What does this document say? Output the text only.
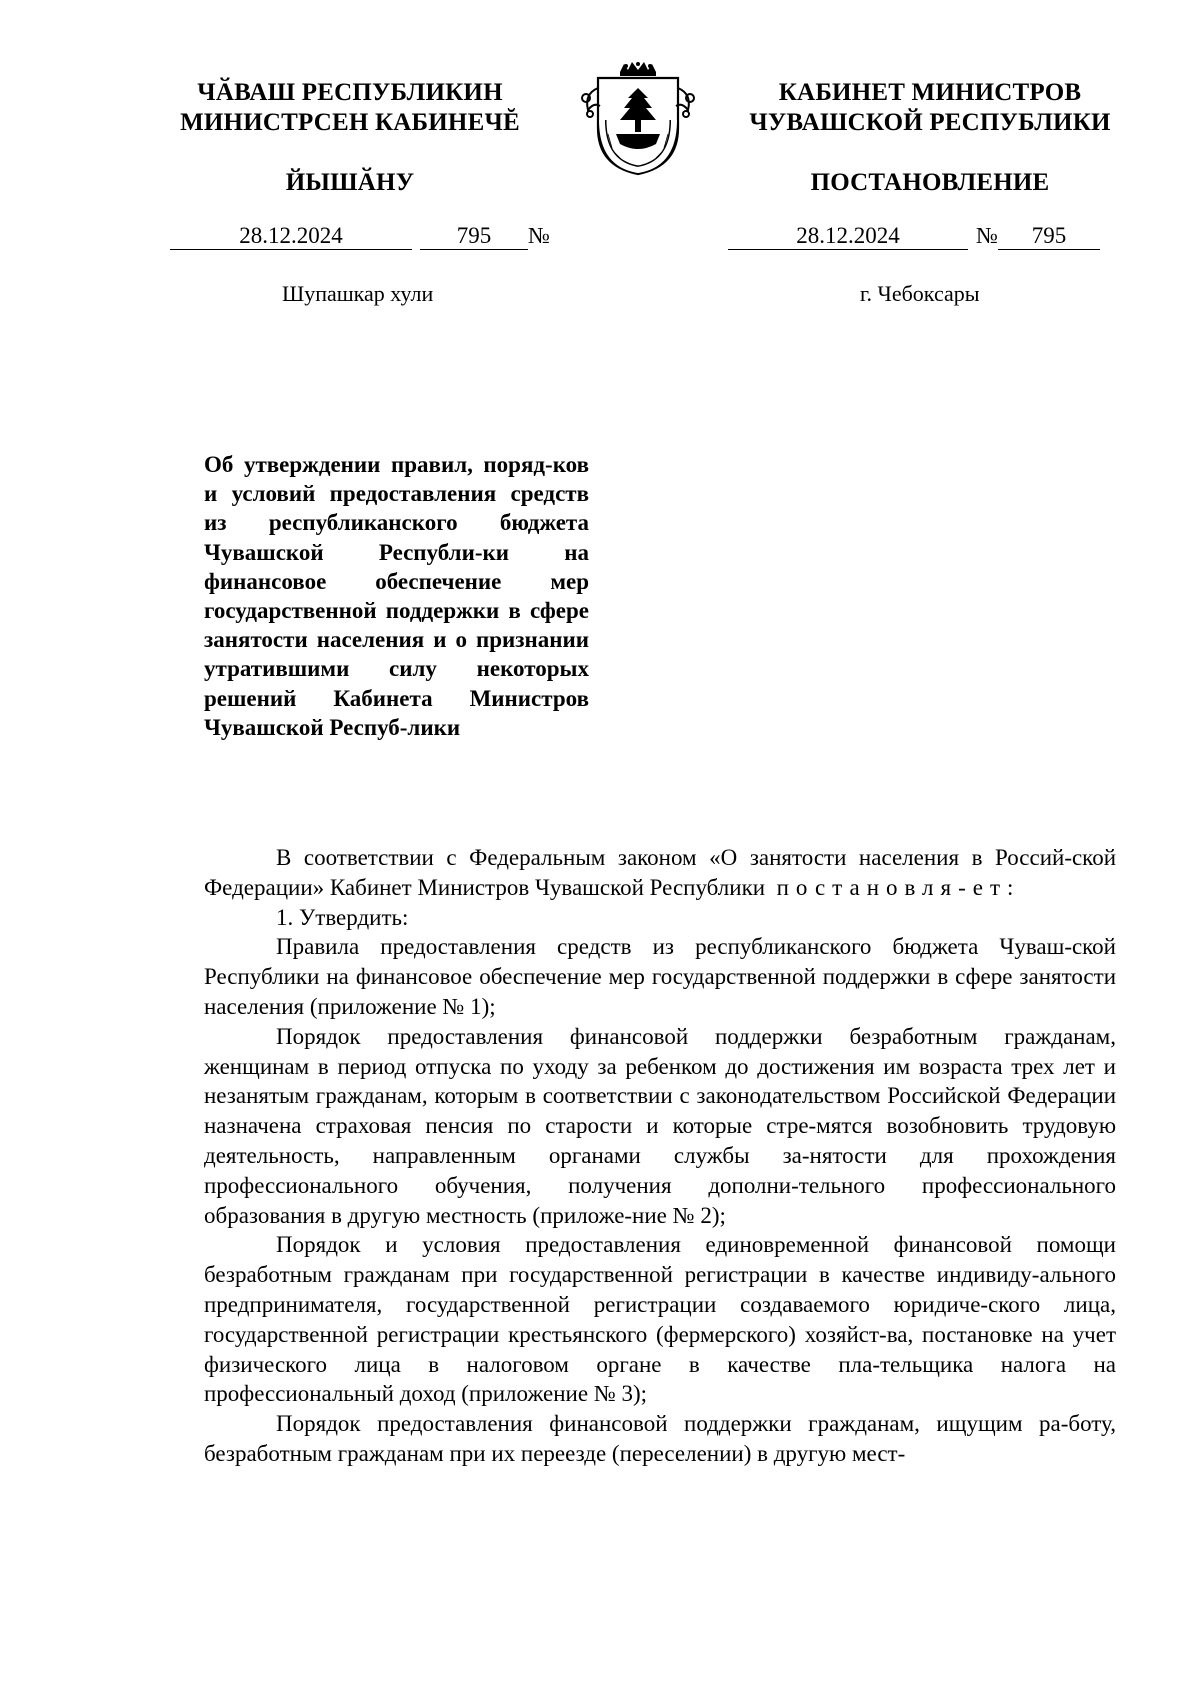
ЧӐВАШ РЕСПУБЛИКИН
МИНИСТРСЕН КАБИНЕЧĔ
ЙЫШӐНУ
КАБИНЕТ МИНИСТРОВ
ЧУВАШСКОЙ РЕСПУБЛИКИ
ПОСТАНОВЛЕНИЕ
28.12.2024	795 №	28.12.2024	№ 795
Шупашкар хули	г. Чебоксары
Об утверждении правил, поряд-ков и условий предоставления средств из республиканского бюджета Чувашской Республи-ки на финансовое обеспечение мер государственной поддержки в сфере занятости населения и о признании утратившими силу некоторых решений Кабинета Министров Чувашской Респуб-лики

В соответствии с Федеральным законом «О занятости населения в Россий-ской Федерации» Кабинет Министров Чувашской Республики постановля-ет:

1. Утвердить:

Правила предоставления средств из республиканского бюджета Чуваш-ской Республики на финансовое обеспечение мер государственной поддержки в сфере занятости населения (приложение № 1);

Порядок предоставления финансовой поддержки безработным гражданам, женщинам в период отпуска по уходу за ребенком до достижения им возраста трех лет и незанятым гражданам, которым в соответствии с законодательством Российской Федерации назначена страховая пенсия по старости и которые стре-мятся возобновить трудовую деятельность, направленным органами службы за-нятости для прохождения профессионального обучения, получения дополни-тельного профессионального образования в другую местность (приложе-ние № 2);

Порядок и условия предоставления единовременной финансовой помощи безработным гражданам при государственной регистрации в качестве индивиду-ального предпринимателя, государственной регистрации создаваемого юридиче-ского лица, государственной регистрации крестьянского (фермерского) хозяйст-ва, постановке на учет физического лица в налоговом органе в качестве пла-тельщика налога на профессиональный доход (приложение № 3);

Порядок предоставления финансовой поддержки гражданам, ищущим ра-боту, безработным гражданам при их переезде (переселении) в другую мест-
